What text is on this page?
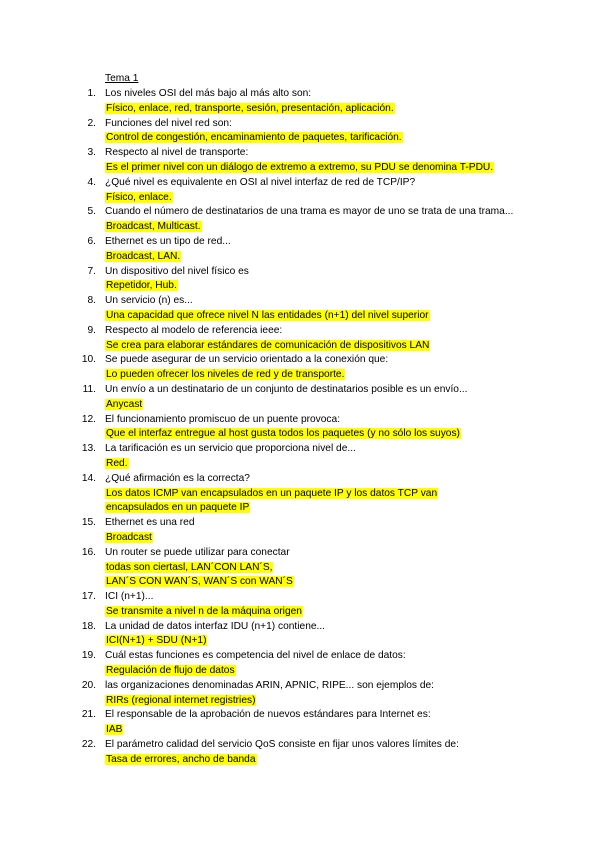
Tema 1
1. Los niveles OSI del más bajo al más alto son:
Físico, enlace, red, transporte, sesión, presentación, aplicación.
2. Funciones del nivel red son:
Control de congestión, encaminamiento de paquetes, tarificación.
3. Respecto al nivel de transporte:
Es el primer nivel con un diálogo de extremo a extremo, su PDU se denomina T-PDU.
4. ¿Qué nivel es equivalente en OSI al nivel interfaz de red de TCP/IP?
Físico, enlace.
5. Cuando el número de destinatarios de una trama es mayor de uno se trata de una trama...
Broadcast, Multicast.
6. Ethernet es un tipo de red...
Broadcast, LAN.
7. Un dispositivo del nivel físico es
Repetidor, Hub.
8. Un servicio (n) es...
Una capacidad que ofrece nivel N las entidades (n+1) del nivel superior
9. Respecto al modelo de referencia ieee:
Se crea para elaborar estándares de comunicación de dispositivos LAN
10. Se puede asegurar de un servicio orientado a la conexión que:
Lo pueden ofrecer los niveles de red y de transporte.
11. Un envío a un destinatario de un conjunto de destinatarios posible es un envío...
Anycast
12. El funcionamiento promiscuo de un puente provoca:
Que el interfaz entregue al host gusta todos los paquetes (y no sólo los suyos)
13. La tarificación es un servicio que proporciona nivel de...
Red.
14. ¿Qué afirmación es la correcta?
Los datos ICMP van encapsulados en un paquete IP y los datos TCP van
encapsulados en un paquete IP
15. Ethernet es una red
Broadcast
16. Un router se puede utilizar para conectar
todas son ciertasl, LAN´CON LAN´S,
LAN´S CON WAN´S, WAN´S con WAN´S
17. ICI (n+1)...
Se transmite a nivel n de la máquina origen
18. La unidad de datos interfaz IDU (n+1) contiene...
ICI(N+1) + SDU (N+1)
19. Cuál estas funciones es competencia del nivel de enlace de datos:
Regulación de flujo de datos
20. las organizaciones denominadas ARIN, APNIC, RIPE... son ejemplos de:
RIRs (regional internet registries)
21. El responsable de la aprobación de nuevos estándares para Internet es:
IAB
22. El parámetro calidad del servicio QoS consiste en fijar unos valores límites de:
Tasa de errores, ancho de banda
